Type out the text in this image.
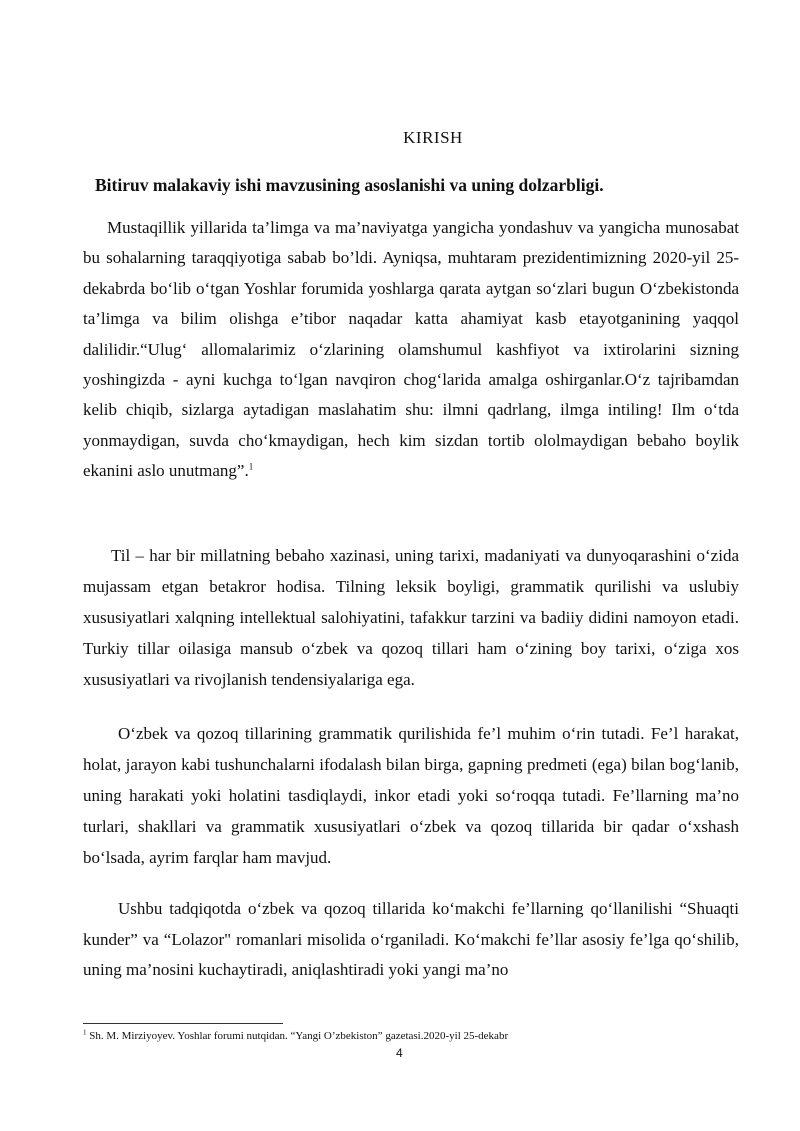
KIRISH
Bitiruv malakaviy ishi mavzusining asoslanishi va uning dolzarbligi.

Mustaqillik yillarida ta’limga va ma’naviyatga yangicha yondashuv va yangicha munosabat bu sohalarning taraqqiyotiga sabab bo’ldi. Ayniqsa, muhtaram prezidentimizning 2020-yil 25-dekabrda bo‘lib o‘tgan Yoshlar forumida yoshlarga qarata aytgan so‘zlari bugun O‘zbekistonda ta’limga va bilim olishga e’tibor naqadar katta ahamiyat kasb etayotganining yaqqol dalilidir.“Ulug‘ allomalarimiz o‘zlarining olamshumul kashfiyot va ixtirolarini sizning yoshingizda - ayni kuchga to‘lgan navqiron chog‘larida amalga oshirganlar.O‘z tajribamdan kelib chiqib, sizlarga aytadigan maslahatim shu: ilmni qadrlang, ilmga intiling! Ilm o‘tda yonmaydigan, suvda cho‘kmaydigan, hech kim sizdan tortib ololmaydigan bebaho boylik ekanini aslo unutmang”.$^1$

Til – har bir millatning bebaho xazinasi, uning tarixi, madaniyati va dunyoqarashini o‘zida mujassam etgan betakror hodisa. Tilning leksik boyligi, grammatik qurilishi va uslubiy xususiyatlari xalqning intellektual salohiyatini, tafakkur tarzini va badiiy didini namoyon etadi. Turkiy tillar oilasiga mansub o‘zbek va qozoq tillari ham o‘zining boy tarixi, o‘ziga xos xususiyatlari va rivojlanish tendensiyalariga ega.

O‘zbek va qozoq tillarining grammatik qurilishida fe’l muhim o‘rin tutadi. Fe’l harakat, holat, jarayon kabi tushunchalarni ifodalash bilan birga, gapning predmeti (ega) bilan bog‘lanib, uning harakati yoki holatini tasdiqlaydi, inkor etadi yoki so‘roqqa tutadi. Fe’llarning ma’no turlari, shakllari va grammatik xususiyatlari o‘zbek va qozoq tillarida bir qadar o‘xshash bo‘lsada, ayrim farqlar ham mavjud.

Ushbu tadqiqotda o‘zbek va qozoq tillarida ko‘makchi fe’llarning qo‘llanilishi “Shuaqti kunder” va “Lolazor" romanlari misolida o‘rganiladi. Ko‘makchi fe’llar asosiy fe’lga qo‘shilib, uning ma’nosini kuchaytiradi, aniqlashtiradi yoki yangi ma’no

$^1$ Sh. M. Mirziyoyev. Yoshlar forumi nutqidan. “Yangi O’zbekiston” gazetasi.2020-yil 25-dekabr
4
